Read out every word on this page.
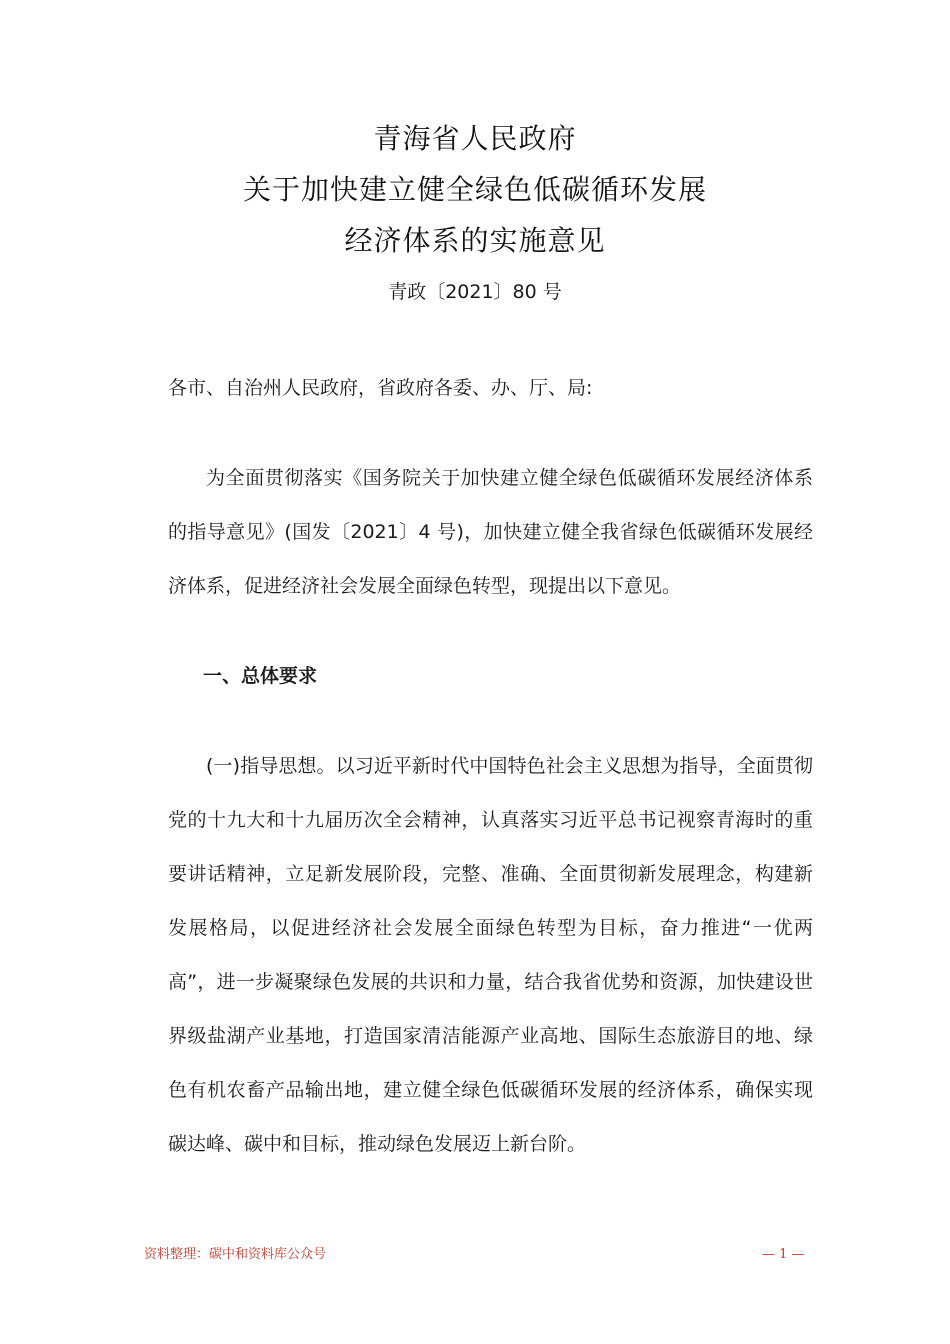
青海省人民政府
关于加快建立健全绿色低碳循环发展
经济体系的实施意见
青政〔2021〕80 号
各市、自治州人民政府，省政府各委、办、厅、局:

为全面贯彻落实《国务院关于加快建立健全绿色低碳循环发展经济体系的指导意见》(国发〔2021〕4 号)，加快建立健全我省绿色低碳循环发展经济体系，促进经济社会发展全面绿色转型，现提出以下意见。

一、总体要求

(一)指导思想。以习近平新时代中国特色社会主义思想为指导，全面贯彻党的十九大和十九届历次全会精神，认真落实习近平总书记视察青海时的重要讲话精神，立足新发展阶段，完整、准确、全面贯彻新发展理念，构建新发展格局，以促进经济社会发展全面绿色转型为目标，奋力推进“一优两高”，进一步凝聚绿色发展的共识和力量，结合我省优势和资源，加快建设世界级盐湖产业基地，打造国家清洁能源产业高地、国际生态旅游目的地、绿色有机农畜产品输出地，建立健全绿色低碳循环发展的经济体系，确保实现碳达峰、碳中和目标，推动绿色发展迈上新台阶。

资料整理：碳中和资料库公众号	— 1 —
